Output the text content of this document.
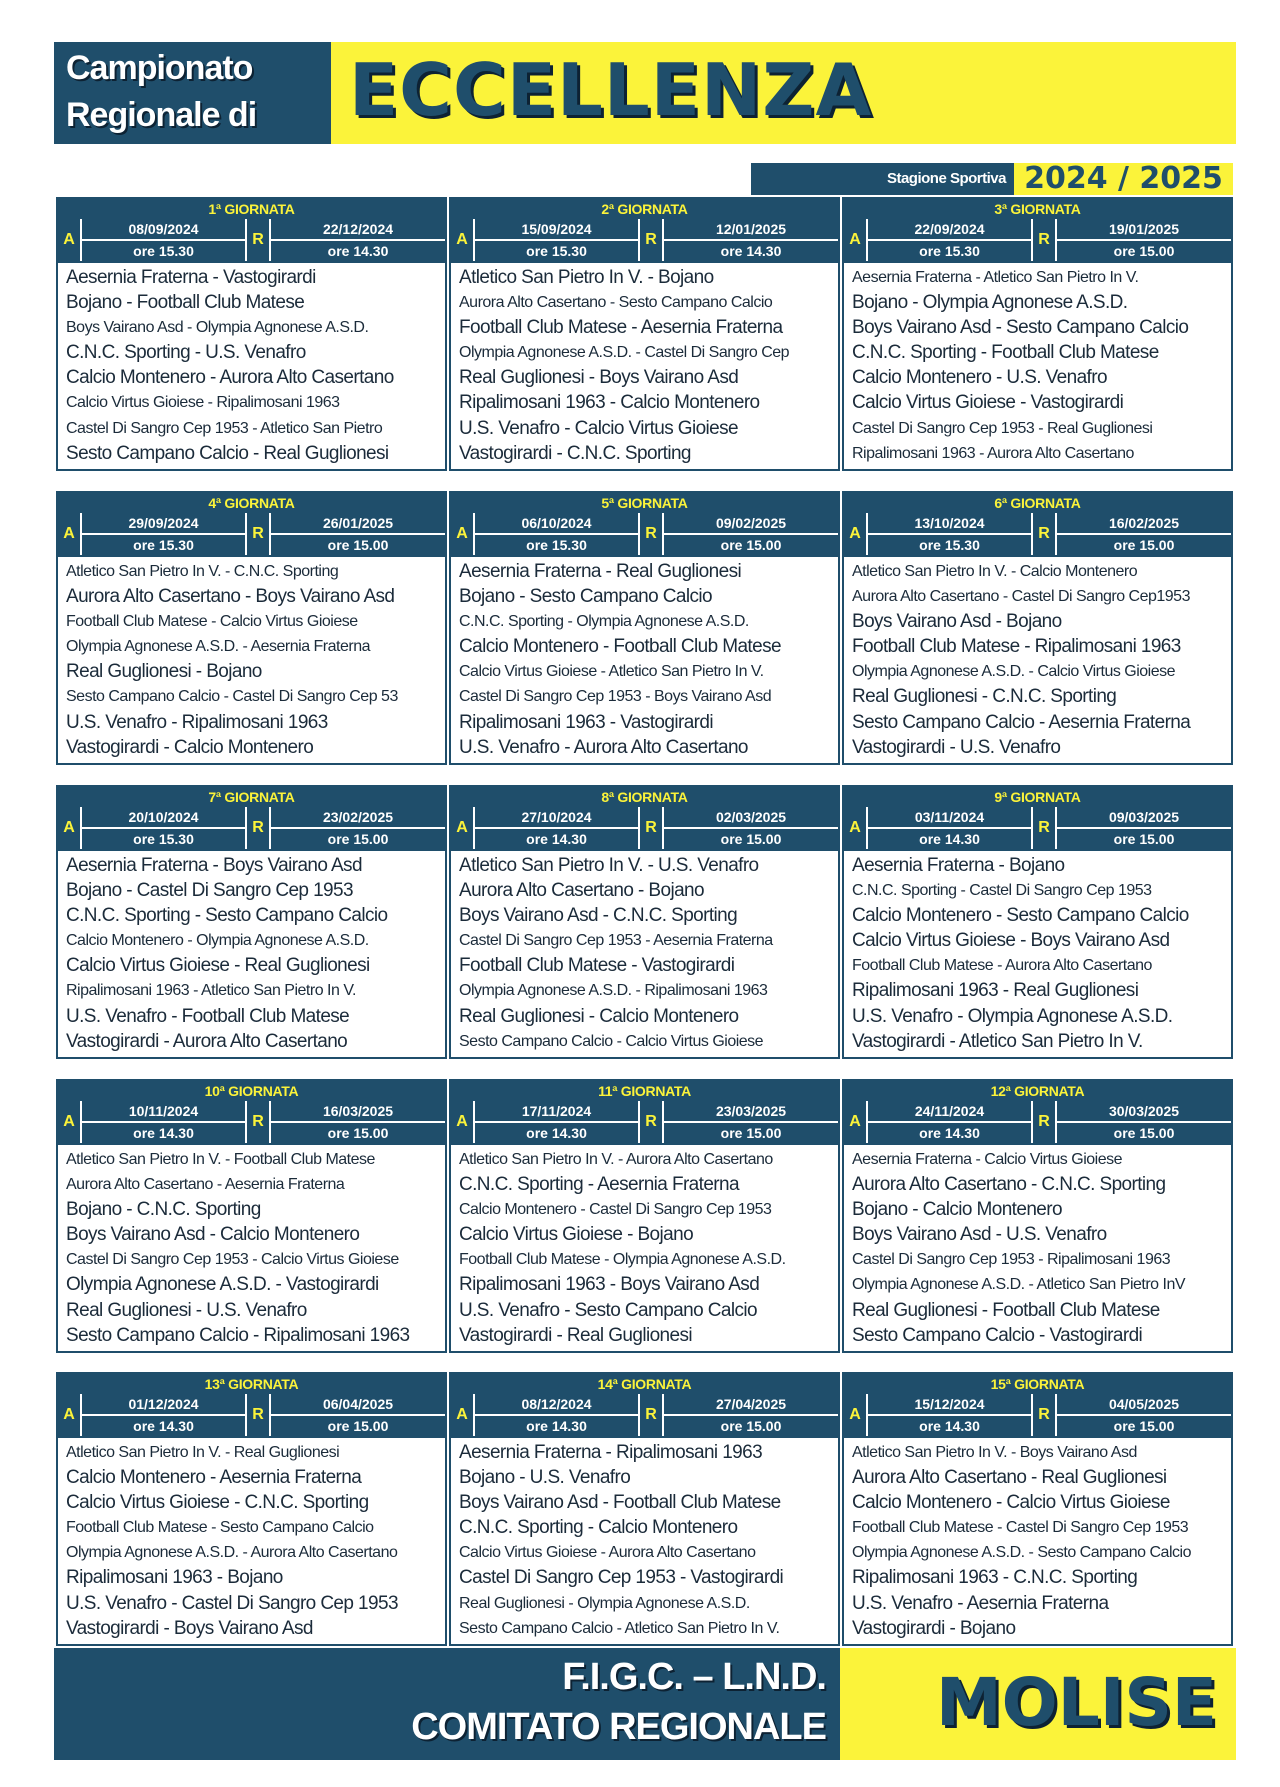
Campionato
Regionale di	ECCELLENZA
Stagione Sportiva 2024 / 2025
1ª GIORNATA
A
08/09/2024
ore 15.30
R
22/12/2024
ore 14.30
Aesernia Fraterna - Vastogirardi
Bojano - Football Club Matese
Boys Vairano Asd - Olympia Agnonese A.S.D.
C.N.C. Sporting - U.S. Venafro
Calcio Montenero - Aurora Alto Casertano
Calcio Virtus Gioiese - Ripalimosani 1963
Castel Di Sangro Cep 1953 - Atletico San Pietro
Sesto Campano Calcio - Real Guglionesi
2ª GIORNATA
A
15/09/2024
ore 15.30
R
12/01/2025
ore 14.30
Atletico San Pietro In V. - Bojano
Aurora Alto Casertano - Sesto Campano Calcio
Football Club Matese - Aesernia Fraterna
Olympia Agnonese A.S.D. - Castel Di Sangro Cep
Real Guglionesi - Boys Vairano Asd
Ripalimosani 1963 - Calcio Montenero
U.S. Venafro - Calcio Virtus Gioiese
Vastogirardi - C.N.C. Sporting
3ª GIORNATA
A
22/09/2024
ore 15.30
R
19/01/2025
ore 15.00
Aesernia Fraterna - Atletico San Pietro In V.
Bojano - Olympia Agnonese A.S.D.
Boys Vairano Asd - Sesto Campano Calcio
C.N.C. Sporting - Football Club Matese
Calcio Montenero - U.S. Venafro
Calcio Virtus Gioiese - Vastogirardi
Castel Di Sangro Cep 1953 - Real Guglionesi
Ripalimosani 1963 - Aurora Alto Casertano
4ª GIORNATA
A
29/09/2024
ore 15.30
R
26/01/2025
ore 15.00
Atletico San Pietro In V. - C.N.C. Sporting
Aurora Alto Casertano - Boys Vairano Asd
Football Club Matese - Calcio Virtus Gioiese
Olympia Agnonese A.S.D. - Aesernia Fraterna
Real Guglionesi - Bojano
Sesto Campano Calcio - Castel Di Sangro Cep 53
U.S. Venafro - Ripalimosani 1963
Vastogirardi - Calcio Montenero
5ª GIORNATA
A
06/10/2024
ore 15.30
R
09/02/2025
ore 15.00
Aesernia Fraterna - Real Guglionesi
Bojano - Sesto Campano Calcio
C.N.C. Sporting - Olympia Agnonese A.S.D.
Calcio Montenero - Football Club Matese
Calcio Virtus Gioiese - Atletico San Pietro In V.
Castel Di Sangro Cep 1953 - Boys Vairano Asd
Ripalimosani 1963 - Vastogirardi
U.S. Venafro - Aurora Alto Casertano
6ª GIORNATA
A
13/10/2024
ore 15.30
R
16/02/2025
ore 15.00
Atletico San Pietro In V. - Calcio Montenero
Aurora Alto Casertano - Castel Di Sangro Cep1953
Boys Vairano Asd - Bojano
Football Club Matese - Ripalimosani 1963
Olympia Agnonese A.S.D. - Calcio Virtus Gioiese
Real Guglionesi - C.N.C. Sporting
Sesto Campano Calcio - Aesernia Fraterna
Vastogirardi - U.S. Venafro
7ª GIORNATA
A
20/10/2024
ore 15.30
R
23/02/2025
ore 15.00
Aesernia Fraterna - Boys Vairano Asd
Bojano - Castel Di Sangro Cep 1953
C.N.C. Sporting - Sesto Campano Calcio
Calcio Montenero - Olympia Agnonese A.S.D.
Calcio Virtus Gioiese - Real Guglionesi
Ripalimosani 1963 - Atletico San Pietro In V.
U.S. Venafro - Football Club Matese
Vastogirardi - Aurora Alto Casertano
8ª GIORNATA
A
27/10/2024
ore 14.30
R
02/03/2025
ore 15.00
Atletico San Pietro In V. - U.S. Venafro
Aurora Alto Casertano - Bojano
Boys Vairano Asd - C.N.C. Sporting
Castel Di Sangro Cep 1953 - Aesernia Fraterna
Football Club Matese - Vastogirardi
Olympia Agnonese A.S.D. - Ripalimosani 1963
Real Guglionesi - Calcio Montenero
Sesto Campano Calcio - Calcio Virtus Gioiese
9ª GIORNATA
A
03/11/2024
ore 14.30
R
09/03/2025
ore 15.00
Aesernia Fraterna - Bojano
C.N.C. Sporting - Castel Di Sangro Cep 1953
Calcio Montenero - Sesto Campano Calcio
Calcio Virtus Gioiese - Boys Vairano Asd
Football Club Matese - Aurora Alto Casertano
Ripalimosani 1963 - Real Guglionesi
U.S. Venafro - Olympia Agnonese A.S.D.
Vastogirardi - Atletico San Pietro In V.
10ª GIORNATA
A
10/11/2024
ore 14.30
R
16/03/2025
ore 15.00
Atletico San Pietro In V. - Football Club Matese
Aurora Alto Casertano - Aesernia Fraterna
Bojano - C.N.C. Sporting
Boys Vairano Asd - Calcio Montenero
Castel Di Sangro Cep 1953 - Calcio Virtus Gioiese
Olympia Agnonese A.S.D. - Vastogirardi
Real Guglionesi - U.S. Venafro
Sesto Campano Calcio - Ripalimosani 1963
11ª GIORNATA
A
17/11/2024
ore 14.30
R
23/03/2025
ore 15.00
Atletico San Pietro In V. - Aurora Alto Casertano
C.N.C. Sporting - Aesernia Fraterna
Calcio Montenero - Castel Di Sangro Cep 1953
Calcio Virtus Gioiese - Bojano
Football Club Matese - Olympia Agnonese A.S.D.
Ripalimosani 1963 - Boys Vairano Asd
U.S. Venafro - Sesto Campano Calcio
Vastogirardi - Real Guglionesi
12ª GIORNATA
A
24/11/2024
ore 14.30
R
30/03/2025
ore 15.00
Aesernia Fraterna - Calcio Virtus Gioiese
Aurora Alto Casertano - C.N.C. Sporting
Bojano - Calcio Montenero
Boys Vairano Asd - U.S. Venafro
Castel Di Sangro Cep 1953 - Ripalimosani 1963
Olympia Agnonese A.S.D. - Atletico San Pietro InV
Real Guglionesi - Football Club Matese
Sesto Campano Calcio - Vastogirardi
13ª GIORNATA
A
01/12/2024
ore 14.30
R
06/04/2025
ore 15.00
Atletico San Pietro In V. - Real Guglionesi
Calcio Montenero - Aesernia Fraterna
Calcio Virtus Gioiese - C.N.C. Sporting
Football Club Matese - Sesto Campano Calcio
Olympia Agnonese A.S.D. - Aurora Alto Casertano
Ripalimosani 1963 - Bojano
U.S. Venafro - Castel Di Sangro Cep 1953
Vastogirardi - Boys Vairano Asd
14ª GIORNATA
A
08/12/2024
ore 14.30
R
27/04/2025
ore 15.00
Aesernia Fraterna - Ripalimosani 1963
Bojano - U.S. Venafro
Boys Vairano Asd - Football Club Matese
C.N.C. Sporting - Calcio Montenero
Calcio Virtus Gioiese - Aurora Alto Casertano
Castel Di Sangro Cep 1953 - Vastogirardi
Real Guglionesi - Olympia Agnonese A.S.D.
Sesto Campano Calcio - Atletico San Pietro In V.
15ª GIORNATA
A
15/12/2024
ore 14.30
R
04/05/2025
ore 15.00
Atletico San Pietro In V. - Boys Vairano Asd
Aurora Alto Casertano - Real Guglionesi
Calcio Montenero - Calcio Virtus Gioiese
Football Club Matese - Castel Di Sangro Cep 1953
Olympia Agnonese A.S.D. - Sesto Campano Calcio
Ripalimosani 1963 - C.N.C. Sporting
U.S. Venafro - Aesernia Fraterna
Vastogirardi - Bojano
F.I.G.C. – L.N.D.
COMITATO REGIONALE MOLISE
